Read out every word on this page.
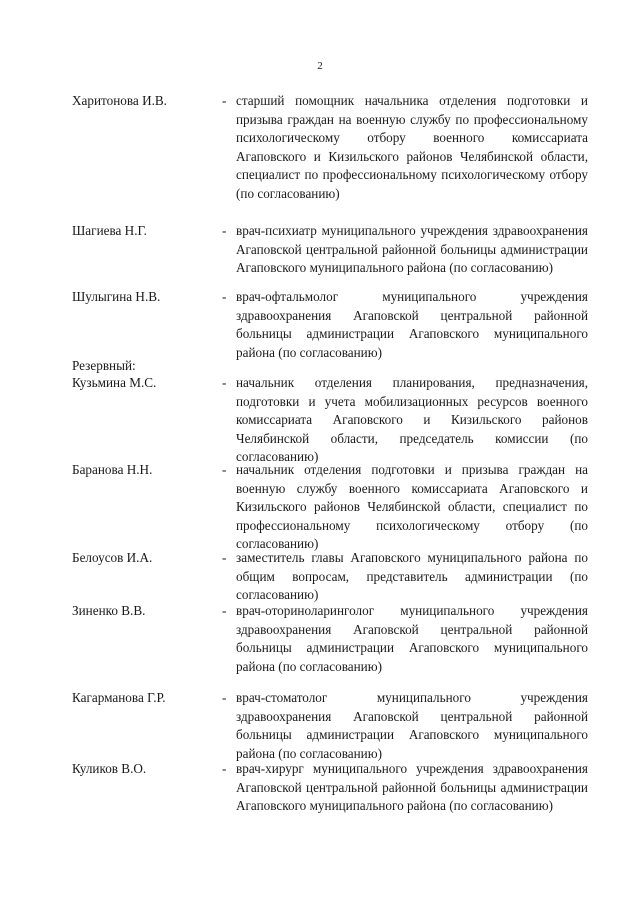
2
Харитонова И.В.	- старший помощник начальника отделения подготовки и призыва граждан на военную службу по профессиональному психологическому отбору военного комиссариата Агаповского и Кизильского районов Челябинской области, специалист по профессиональному психологическому отбору (по согласованию)
Шагиева Н.Г.	- врач-психиатр муниципального учреждения здравоохранения Агаповской центральной районной больницы администрации Агаповского муниципального района (по согласованию)
Шулыгина Н.В.	- врач-офтальмолог муниципального учреждения здравоохранения Агаповской центральной районной больницы администрации Агаповского муниципального района (по согласованию)
Резервный:
Кузьмина М.С.	- начальник отделения планирования, предназначения, подготовки и учета мобилизационных ресурсов военного комиссариата Агаповского и Кизильского районов Челябинской области, председатель комиссии (по согласованию)
Баранова Н.Н.	- начальник отделения подготовки и призыва граждан на военную службу военного комиссариата Агаповского и Кизильского районов Челябинской области, специалист по профессиональному психологическому отбору (по согласованию)
Белоусов И.А.	- заместитель главы Агаповского муниципального района по общим вопросам, представитель администрации (по согласованию)
Зиненко В.В.	- врач-оториноларинголог муниципального учреждения здравоохранения Агаповской центральной районной больницы администрации Агаповского муниципального района (по согласованию)
Кагарманова Г.Р.	- врач-стоматолог муниципального учреждения здравоохранения Агаповской центральной районной больницы администрации Агаповского муниципального района (по согласованию)
Куликов В.О.	- врач-хирург муниципального учреждения здравоохранения Агаповской центральной районной больницы администрации Агаповского муниципального района (по согласованию)
